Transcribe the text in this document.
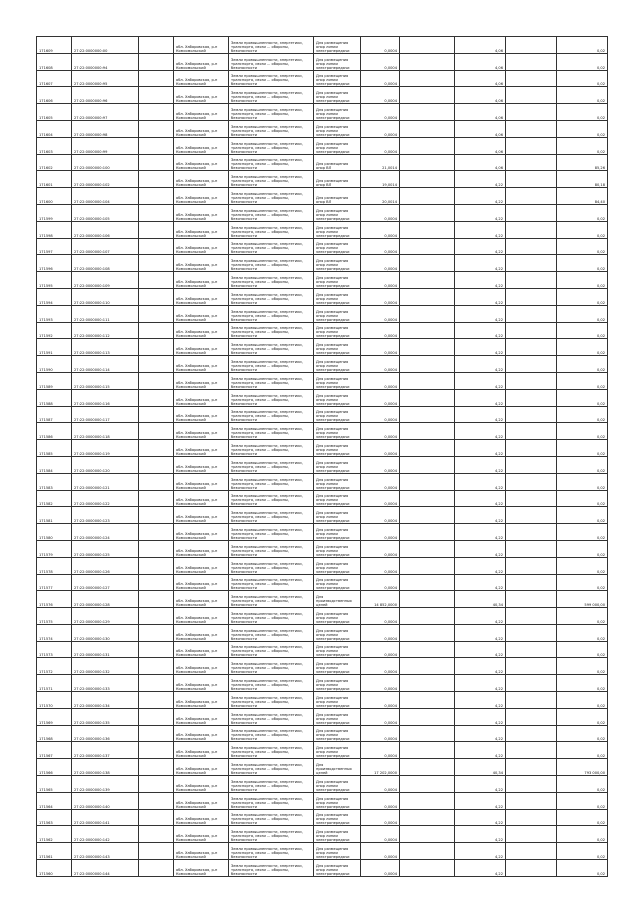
171609	27:22:0000000:00		обл. Хабаровская, р-н Комсомольский	Земли промышленности, энергетики, транспорта, связи ... обороны, безопасности	Для размещения опор линии электропередачи	0,0004		4,06		0,02
171608	27:22:0000000:94		обл. Хабаровская, р-н Комсомольский	Земли промышленности, энергетики, транспорта, связи ... обороны, безопасности	Для размещения опор линии электропередачи	0,0004		4,06		0,02
171607	27:22:0000000:95		обл. Хабаровская, р-н Комсомольский	Земли промышленности, энергетики, транспорта, связи ... обороны, безопасности	Для размещения опор линии электропередачи	0,0004		4,06		0,02
171606	27:22:0000000:96		обл. Хабаровская, р-н Комсомольский	Земли промышленности, энергетики, транспорта, связи ... обороны, безопасности	Для размещения опор линии электропередачи	0,0004		4,06		0,02
171605	27:22:0000000:97		обл. Хабаровская, р-н Комсомольский	Земли промышленности, энергетики, транспорта, связи ... обороны, безопасности	Для размещения опор линии электропередачи	0,0004		4,06		0,02
171604	27:22:0000000:98		обл. Хабаровская, р-н Комсомольский	Земли промышленности, энергетики, транспорта, связи ... обороны, безопасности	Для размещения опор линии электропередачи	0,0004		4,06		0,02
171603	27:22:0000000:99		обл. Хабаровская, р-н Комсомольский	Земли промышленности, энергетики, транспорта, связи ... обороны, безопасности	Для размещения опор линии электропередачи	0,0004		4,06		0,02
171602	27:22:0000000:100		обл. Хабаровская, р-н Комсомольский	Земли промышленности, энергетики, транспорта, связи ... обороны, безопасности	Для размещения опор ВЛ	21,0014		4,06		85,26
171601	27:22:0000000:102		обл. Хабаровская, р-н Комсомольский	Земли промышленности, энергетики, транспорта, связи ... обороны, безопасности	Для размещения опор ВЛ	19,0014		4,22		80,18
171600	27:22:0000000:104		обл. Хабаровская, р-н Комсомольский	Земли промышленности, энергетики, транспорта, связи ... обороны, безопасности	Для размещения опор ВЛ	20,0014		4,22		84,40
171599	27:22:0000000:105		обл. Хабаровская, р-н Комсомольский	Земли промышленности, энергетики, транспорта, связи ... обороны, безопасности	Для размещения опор линии электропередачи	0,0004		4,22		0,02
171598	27:22:0000000:106		обл. Хабаровская, р-н Комсомольский	Земли промышленности, энергетики, транспорта, связи ... обороны, безопасности	Для размещения опор линии электропередачи	0,0004		4,22		0,02
171597	27:22:0000000:107		обл. Хабаровская, р-н Комсомольский	Земли промышленности, энергетики, транспорта, связи ... обороны, безопасности	Для размещения опор линии электропередачи	0,0004		4,22		0,02
171596	27:22:0000000:108		обл. Хабаровская, р-н Комсомольский	Земли промышленности, энергетики, транспорта, связи ... обороны, безопасности	Для размещения опор линии электропередачи	0,0004		4,22		0,02
171595	27:22:0000000:109		обл. Хабаровская, р-н Комсомольский	Земли промышленности, энергетики, транспорта, связи ... обороны, безопасности	Для размещения опор линии электропередачи	0,0004		4,22		0,02
171594	27:22:0000000:110		обл. Хабаровская, р-н Комсомольский	Земли промышленности, энергетики, транспорта, связи ... обороны, безопасности	Для размещения опор линии электропередачи	0,0004		4,22		0,02
171593	27:22:0000000:111		обл. Хабаровская, р-н Комсомольский	Земли промышленности, энергетики, транспорта, связи ... обороны, безопасности	Для размещения опор линии электропередачи	0,0004		4,22		0,02
171592	27:22:0000000:112		обл. Хабаровская, р-н Комсомольский	Земли промышленности, энергетики, транспорта, связи ... обороны, безопасности	Для размещения опор линии электропередачи	0,0004		4,22		0,02
171591	27:22:0000000:113		обл. Хабаровская, р-н Комсомольский	Земли промышленности, энергетики, транспорта, связи ... обороны, безопасности	Для размещения опор линии электропередачи	0,0004		4,22		0,02
171590	27:22:0000000:114		обл. Хабаровская, р-н Комсомольский	Земли промышленности, энергетики, транспорта, связи ... обороны, безопасности	Для размещения опор линии электропередачи	0,0004		4,22		0,02
171589	27:22:0000000:115		обл. Хабаровская, р-н Комсомольский	Земли промышленности, энергетики, транспорта, связи ... обороны, безопасности	Для размещения опор линии электропередачи	0,0004		4,22		0,02
171588	27:22:0000000:116		обл. Хабаровская, р-н Комсомольский	Земли промышленности, энергетики, транспорта, связи ... обороны, безопасности	Для размещения опор линии электропередачи	0,0004		4,22		0,02
171587	27:22:0000000:117		обл. Хабаровская, р-н Комсомольский	Земли промышленности, энергетики, транспорта, связи ... обороны, безопасности	Для размещения опор линии электропередачи	0,0004		4,22		0,02
171586	27:22:0000000:118		обл. Хабаровская, р-н Комсомольский	Земли промышленности, энергетики, транспорта, связи ... обороны, безопасности	Для размещения опор линии электропередачи	0,0004		4,22		0,02
171585	27:22:0000000:119		обл. Хабаровская, р-н Комсомольский	Земли промышленности, энергетики, транспорта, связи ... обороны, безопасности	Для размещения опор линии электропередачи	0,0004		4,22		0,02
171584	27:22:0000000:120		обл. Хабаровская, р-н Комсомольский	Земли промышленности, энергетики, транспорта, связи ... обороны, безопасности	Для размещения опор линии электропередачи	0,0004		4,22		0,02
171583	27:22:0000000:121		обл. Хабаровская, р-н Комсомольский	Земли промышленности, энергетики, транспорта, связи ... обороны, безопасности	Для размещения опор линии электропередачи	0,0004		4,22		0,02
171582	27:22:0000000:122		обл. Хабаровская, р-н Комсомольский	Земли промышленности, энергетики, транспорта, связи ... обороны, безопасности	Для размещения опор линии электропередачи	0,0004		4,22		0,02
171581	27:22:0000000:123		обл. Хабаровская, р-н Комсомольский	Земли промышленности, энергетики, транспорта, связи ... обороны, безопасности	Для размещения опор линии электропередачи	0,0004		4,22		0,02
171580	27:22:0000000:124		обл. Хабаровская, р-н Комсомольский	Земли промышленности, энергетики, транспорта, связи ... обороны, безопасности	Для размещения опор линии электропередачи	0,0004		4,22		0,02
171579	27:22:0000000:125		обл. Хабаровская, р-н Комсомольский	Земли промышленности, энергетики, транспорта, связи ... обороны, безопасности	Для размещения опор линии электропередачи	0,0004		4,22		0,02
171578	27:22:0000000:126		обл. Хабаровская, р-н Комсомольский	Земли промышленности, энергетики, транспорта, связи ... обороны, безопасности	Для размещения опор линии электропередачи	0,0004		4,22		0,02
171577	27:22:0000000:127		обл. Хабаровская, р-н Комсомольский	Земли промышленности, энергетики, транспорта, связи ... обороны, безопасности	Для размещения опор линии электропередачи	0,0004		4,22		0,02
171576	27:22:0000000:128		обл. Хабаровская, р-н Комсомольский	Земли промышленности, энергетики, транспорта, связи ... обороны, безопасности	Для производственных целей	14 852,0000		40,34		599 000,00
171575	27:22:0000000:129		обл. Хабаровская, р-н Комсомольский	Земли промышленности, энергетики, транспорта, связи ... обороны, безопасности	Для размещения опор линии электропередачи	0,0004		4,22		0,02
171574	27:22:0000000:130		обл. Хабаровская, р-н Комсомольский	Земли промышленности, энергетики, транспорта, связи ... обороны, безопасности	Для размещения опор линии электропередачи	0,0004		4,22		0,02
171573	27:22:0000000:131		обл. Хабаровская, р-н Комсомольский	Земли промышленности, энергетики, транспорта, связи ... обороны, безопасности	Для размещения опор линии электропередачи	0,0004		4,22		0,02
171572	27:22:0000000:132		обл. Хабаровская, р-н Комсомольский	Земли промышленности, энергетики, транспорта, связи ... обороны, безопасности	Для размещения опор линии электропередачи	0,0004		4,22		0,02
171571	27:22:0000000:133		обл. Хабаровская, р-н Комсомольский	Земли промышленности, энергетики, транспорта, связи ... обороны, безопасности	Для размещения опор линии электропередачи	0,0004		4,22		0,02
171570	27:22:0000000:134		обл. Хабаровская, р-н Комсомольский	Земли промышленности, энергетики, транспорта, связи ... обороны, безопасности	Для размещения опор линии электропередачи	0,0004		4,22		0,02
171569	27:22:0000000:135		обл. Хабаровская, р-н Комсомольский	Земли промышленности, энергетики, транспорта, связи ... обороны, безопасности	Для размещения опор линии электропередачи	0,0004		4,22		0,02
171568	27:22:0000000:136		обл. Хабаровская, р-н Комсомольский	Земли промышленности, энергетики, транспорта, связи ... обороны, безопасности	Для размещения опор линии электропередачи	0,0004		4,22		0,02
171567	27:22:0000000:137		обл. Хабаровская, р-н Комсомольский	Земли промышленности, энергетики, транспорта, связи ... обороны, безопасности	Для размещения опор линии электропередачи	0,0004		4,22		0,02
171566	27:22:0000000:138		обл. Хабаровская, р-н Комсомольский	Земли промышленности, энергетики, транспорта, связи ... обороны, безопасности	Для производственных целей	17 202,0000		40,34		793 000,00
171565	27:22:0000000:139		обл. Хабаровская, р-н Комсомольский	Земли промышленности, энергетики, транспорта, связи ... обороны, безопасности	Для размещения опор линии электропередачи	0,0004		4,22		0,02
171564	27:22:0000000:140		обл. Хабаровская, р-н Комсомольский	Земли промышленности, энергетики, транспорта, связи ... обороны, безопасности	Для размещения опор линии электропередачи	0,0004		4,22		0,02
171563	27:22:0000000:141		обл. Хабаровская, р-н Комсомольский	Земли промышленности, энергетики, транспорта, связи ... обороны, безопасности	Для размещения опор линии электропередачи	0,0004		4,22		0,02
171562	27:22:0000000:142		обл. Хабаровская, р-н Комсомольский	Земли промышленности, энергетики, транспорта, связи ... обороны, безопасности	Для размещения опор линии электропередачи	0,0004		4,22		0,02
171561	27:22:0000000:143		обл. Хабаровская, р-н Комсомольский	Земли промышленности, энергетики, транспорта, связи ... обороны, безопасности	Для размещения опор линии электропередачи	0,0004		4,22		0,02
171560	27:22:0000000:144		обл. Хабаровская, р-н Комсомольский	Земли промышленности, энергетики, транспорта, связи ... обороны, безопасности	Для размещения опор линии электропередачи	0,0004		4,22		0,02
